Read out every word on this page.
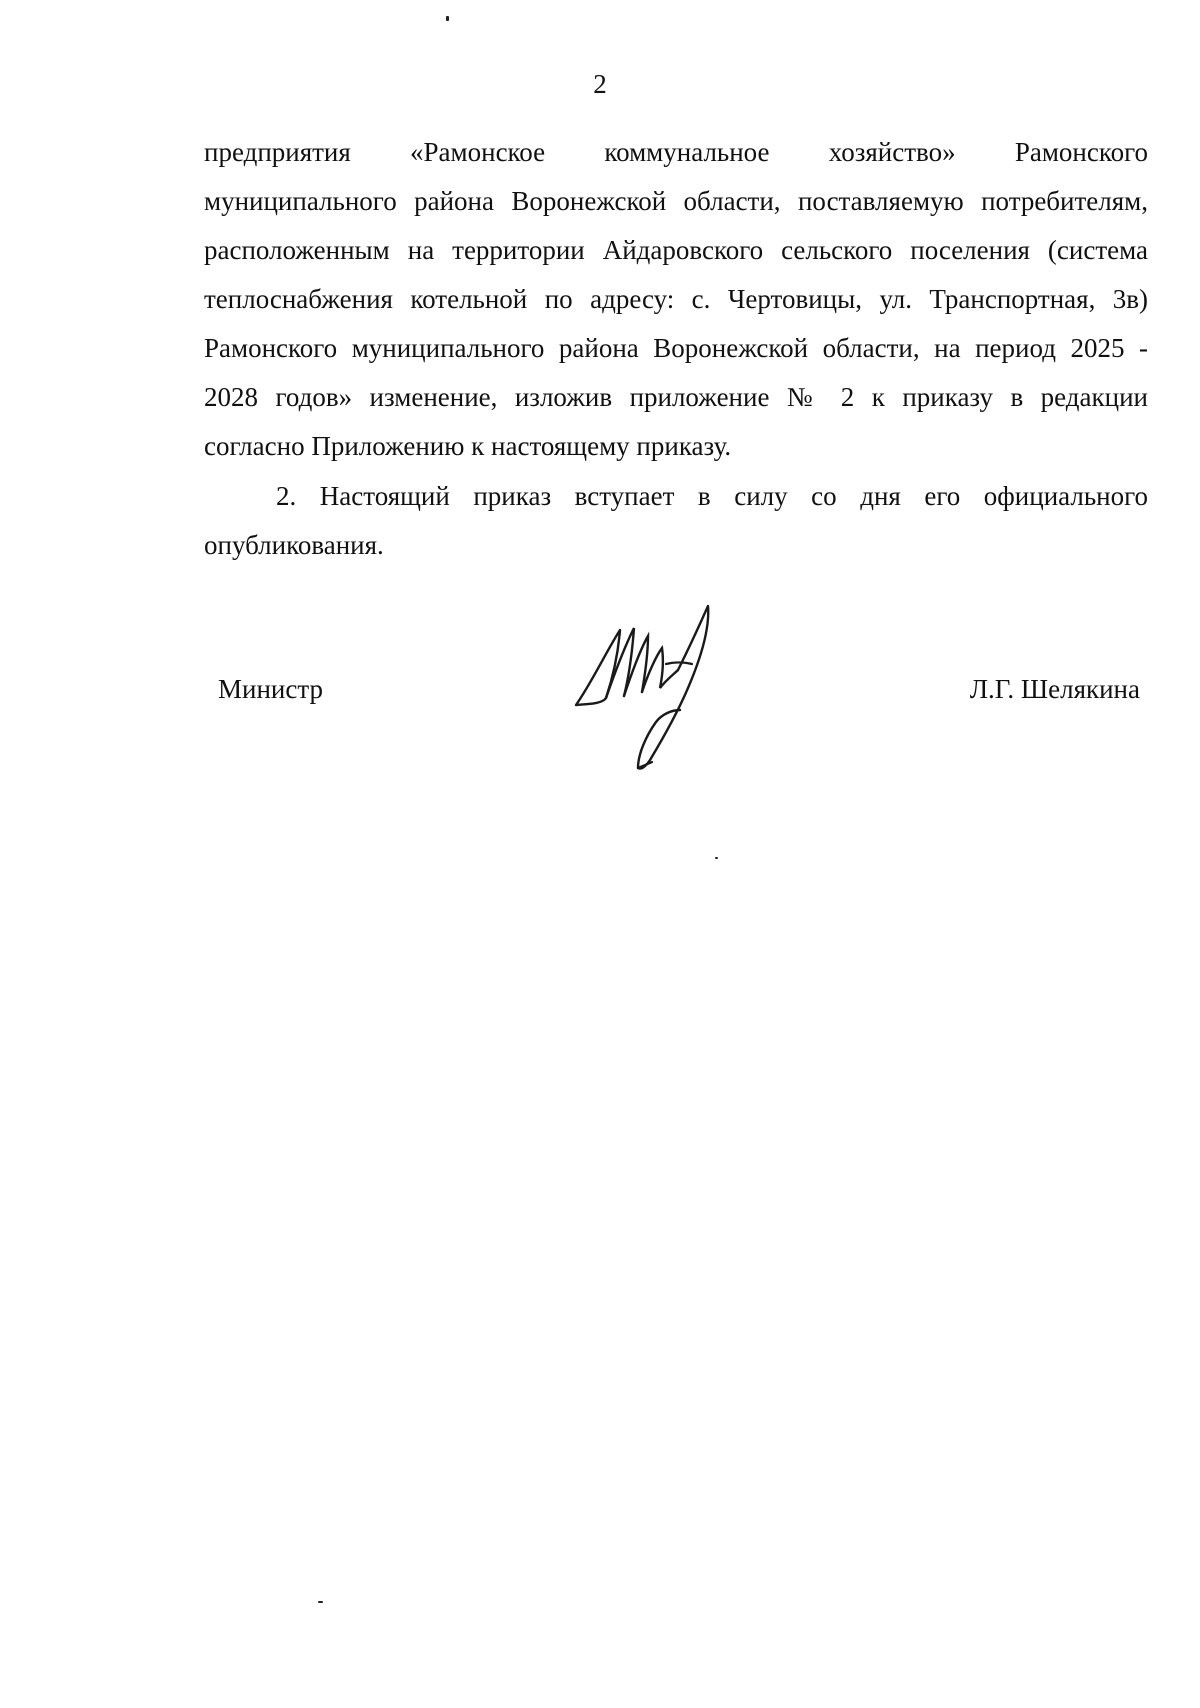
2

предприятия «Рамонское коммунальное хозяйство» Рамонского
муниципального района Воронежской области, поставляемую потребителям,
расположенным на территории Айдаровского сельского поселения (система
теплоснабжения котельной по адресу: с. Чертовицы, ул. Транспортная, 3в)
Рамонского муниципального района Воронежской области, на период 2025 -
2028 годов» изменение, изложив приложение № 2 к приказу в редакции
согласно Приложению к настоящему приказу.

2. Настоящий приказ вступает в силу со дня его официального
опубликования.

Министр	Л.Г. Шелякина
